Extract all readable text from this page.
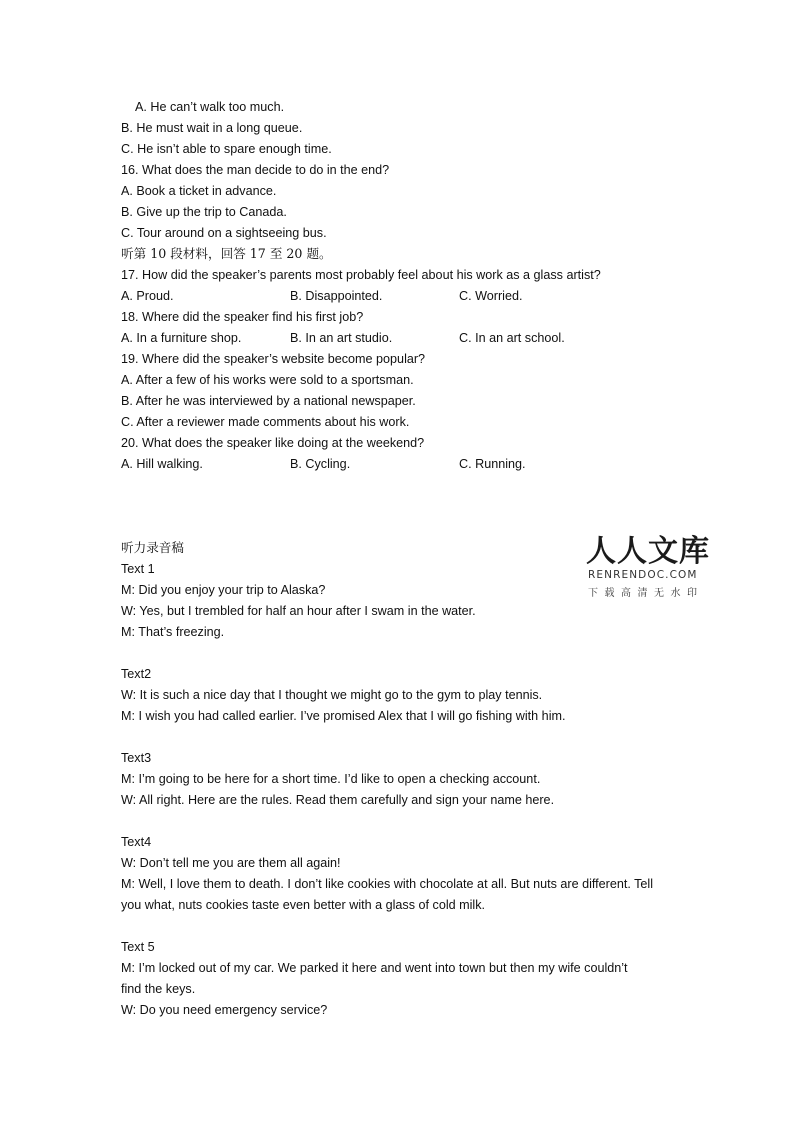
A. He can’t walk too much.
B. He must wait in a long queue.
C. He isn’t able to spare enough time.
16. What does the man decide to do in the end?
A. Book a ticket in advance.
B. Give up the trip to Canada.
C. Tour around on a sightseeing bus.
听第 10 段材料，回答 17 至 20 题。
17. How did the speaker’s parents most probably feel about his work as a glass artist?
A. Proud.	B. Disappointed.	C. Worried.
18. Where did the speaker find his first job?
A. In a furniture shop.	B. In an art studio.	C. In an art school.
19. Where did the speaker’s website become popular?
A. After a few of his works were sold to a sportsman.
B. After he was interviewed by a national newspaper.
C. After a reviewer made comments about his work.
20. What does the speaker like doing at the weekend?
A. Hill walking.	B. Cycling.	C. Running.
听力录音稿
Text 1
M: Did you enjoy your trip to Alaska?
W: Yes, but I trembled for half an hour after I swam in the water.
M: That’s freezing.
Text2
W: It is such a nice day that I thought we might go to the gym to play tennis.
M: I wish you had called earlier. I’ve promised Alex that I will go fishing with him.
Text3
M: I’m going to be here for a short time. I’d like to open a checking account.
W: All right. Here are the rules. Read them carefully and sign your name here.
Text4
W: Don’t tell me you are them all again!
M: Well, I love them to death. I don’t like cookies with chocolate at all. But nuts are different. Tell
you what, nuts cookies taste even better with a glass of cold milk.
Text 5
M: I’m locked out of my car. We parked it here and went into town but then my wife couldn’t
find the keys.
W: Do you need emergency service?
人人文库
RENRENDOC.COM
下载高清无水印
